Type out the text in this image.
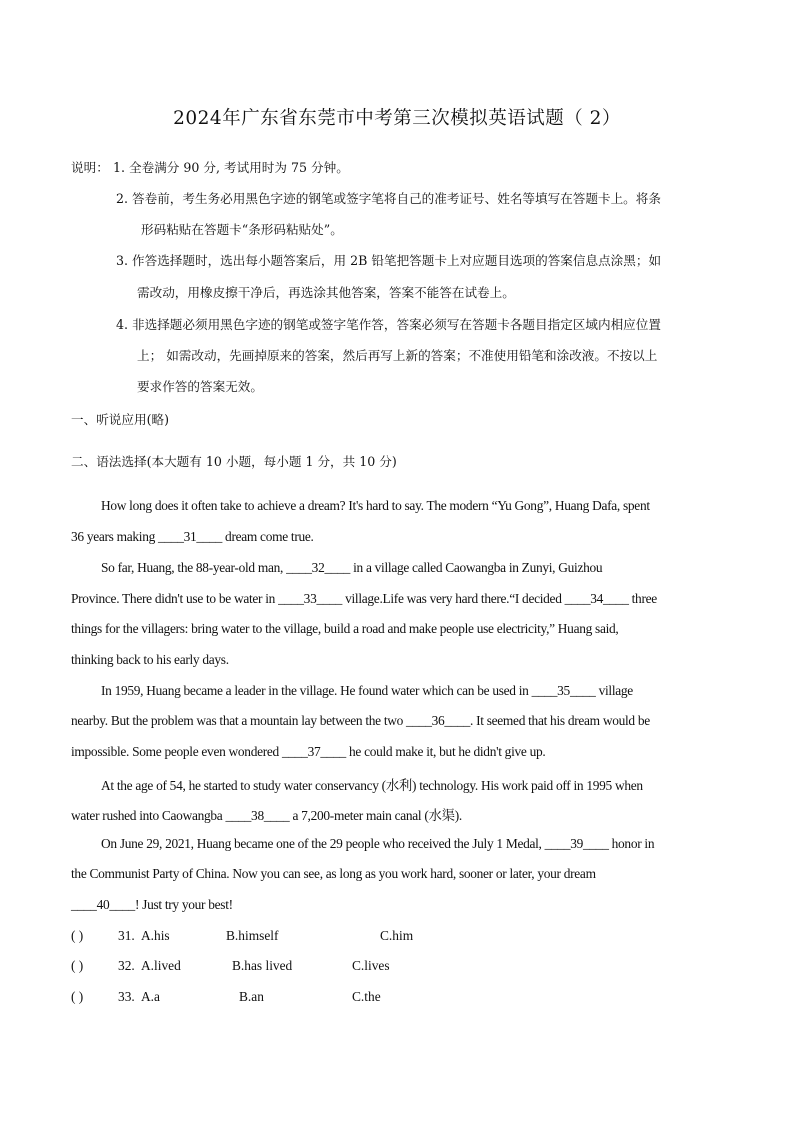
2024年广东省东莞市中考第三次模拟英语试题（ 2）
说明： 1. 全卷满分 90 分, 考试用时为 75 分钟。
2. 答卷前，考生务必用黑色字迹的钢笔或签字笔将自己的准考证号、姓名等填写在答题卡上。将条
形码粘贴在答题卡“条形码粘贴处”。
3. 作答选择题时，选出每小题答案后，用 2B 铅笔把答题卡上对应题目选项的答案信息点涂黑；如
需改动，用橡皮擦干净后，再选涂其他答案，答案不能答在试卷上。
4. 非选择题必须用黑色字迹的钢笔或签字笔作答，答案必须写在答题卡各题目指定区域内相应位置
上； 如需改动，先画掉原来的答案，然后再写上新的答案；不准使用铅笔和涂改液。不按以上
要求作答的答案无效。
一、听说应用(略)
二、语法选择(本大题有 10 小题，每小题 1 分，共 10 分)
How long does it often take to achieve a dream? It's hard to say. The modern “Yu Gong”, Huang Dafa, spent
36 years making ____31____ dream come true.
So far, Huang, the 88-year-old man, ____32____ in a village called Caowangba in Zunyi, Guizhou
Province. There didn't use to be water in ____33____ village.Life was very hard there.“I decided ____34____ three
things for the villagers: bring water to the village, build a road and make people use electricity,” Huang said,
thinking back to his early days.
In 1959, Huang became a leader in the village. He found water which can be used in ____35____ village
nearby. But the problem was that a mountain lay between the two ____36____. It seemed that his dream would be
impossible. Some people even wondered ____37____ he could make it, but he didn't give up.
At the age of 54, he started to study water conservancy (水利) technology. His work paid off in 1995 when
water rushed into Caowangba ____38____ a 7,200-meter main canal (水渠).
On June 29, 2021, Huang became one of the 29 people who received the July 1 Medal, ____39____ honor in
the Communist Party of China. Now you can see, as long as you work hard, sooner or later, your dream
____40____! Just try your best!
( )	31. A.his	B.himself	C.him
( )	32. A.lived	B.has lived	C.lives
( )	33. A.a	B.an	C.the
